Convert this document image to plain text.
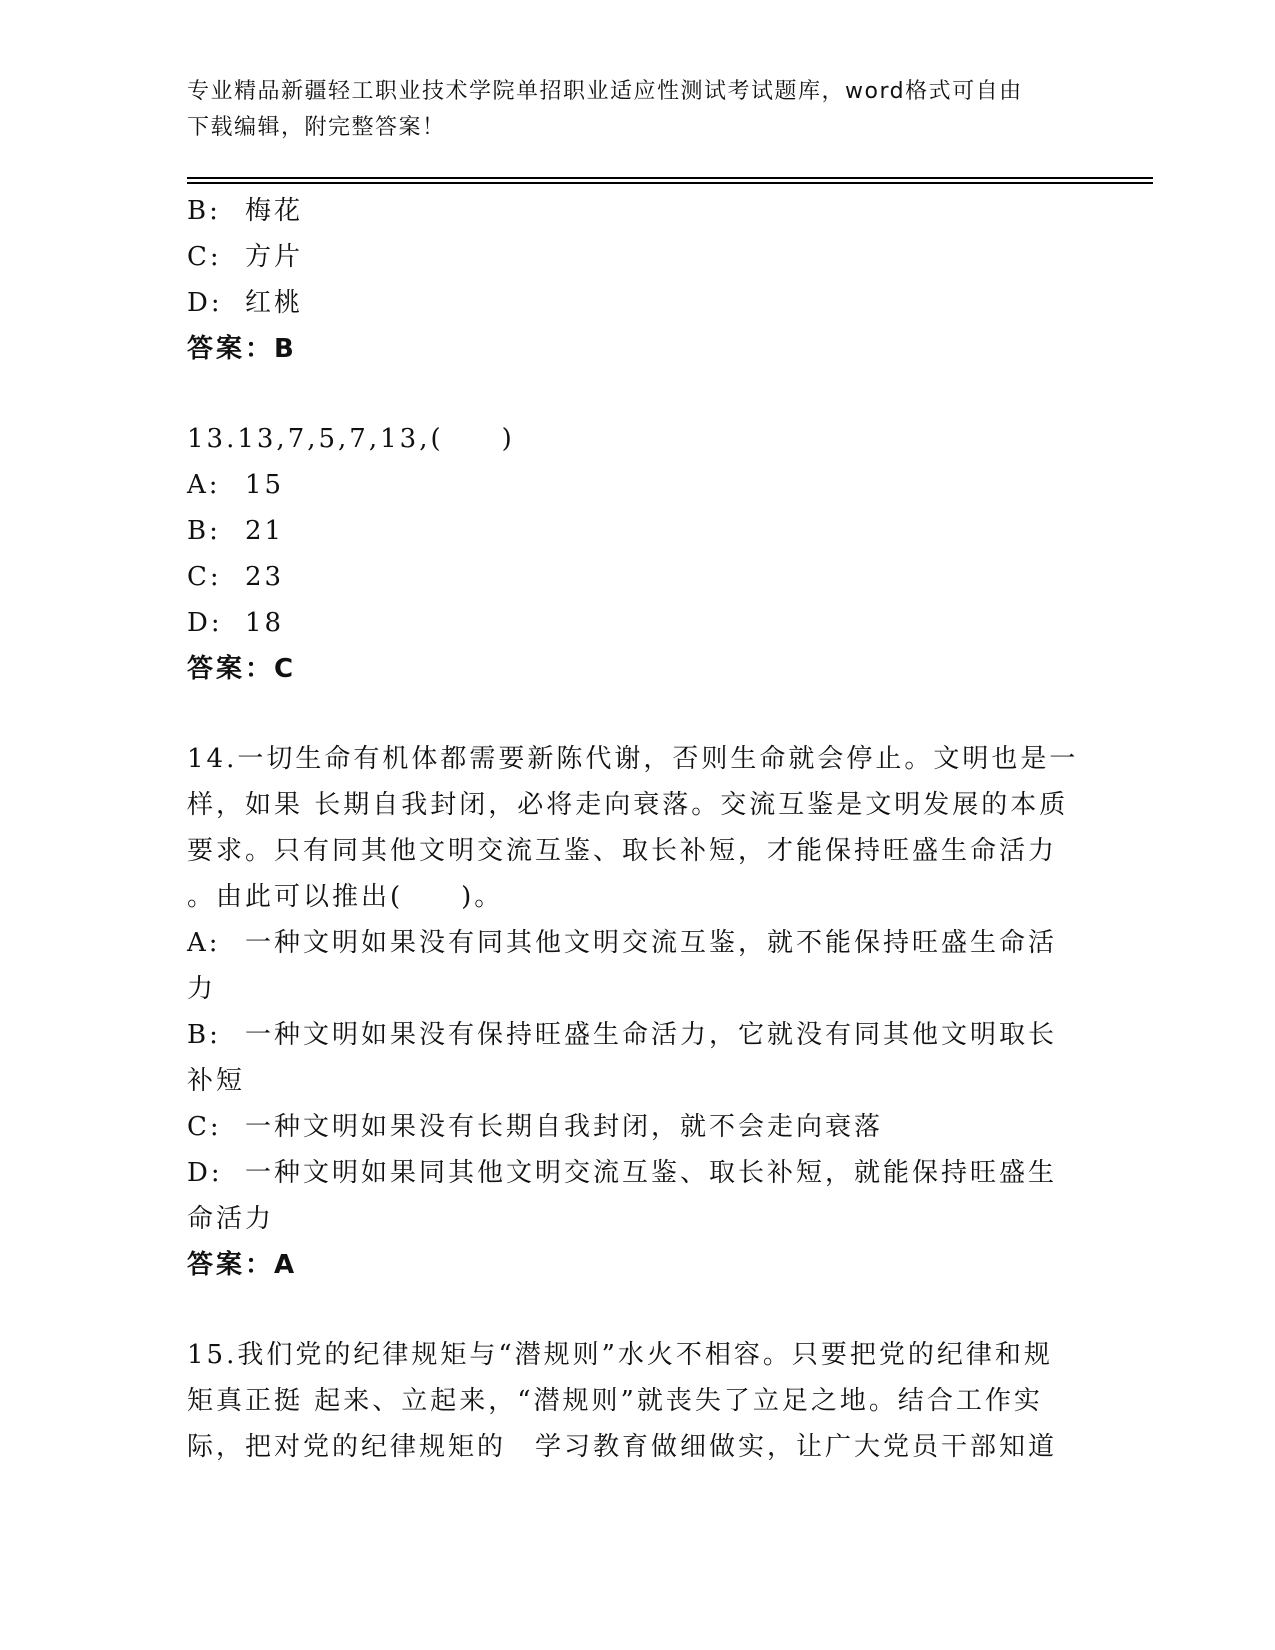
专业精品新疆轻工职业技术学院单招职业适应性测试考试题库，word格式可自由
下载编辑，附完整答案！
B: 梅花
C: 方片
D: 红桃
答案：B
13.13,7,5,7,13,(　　)
A: 15
B: 21
C: 23
D: 18
答案：C
14.一切生命有机体都需要新陈代谢，否则生命就会停止。文明也是一
样，如果 长期自我封闭，必将走向衰落。交流互鉴是文明发展的本质
要求。只有同其他文明交流互鉴、取长补短，才能保持旺盛生命活力
。由此可以推出(　　)。
A: 一种文明如果没有同其他文明交流互鉴，就不能保持旺盛生命活
力
B: 一种文明如果没有保持旺盛生命活力，它就没有同其他文明取长
补短
C: 一种文明如果没有长期自我封闭，就不会走向衰落
D: 一种文明如果同其他文明交流互鉴、取长补短，就能保持旺盛生
命活力
答案：A
15.我们党的纪律规矩与“潜规则”水火不相容。只要把党的纪律和规
矩真正挺 起来、立起来，“潜规则”就丧失了立足之地。结合工作实
际，把对党的纪律规矩的　学习教育做细做实，让广大党员干部知道
